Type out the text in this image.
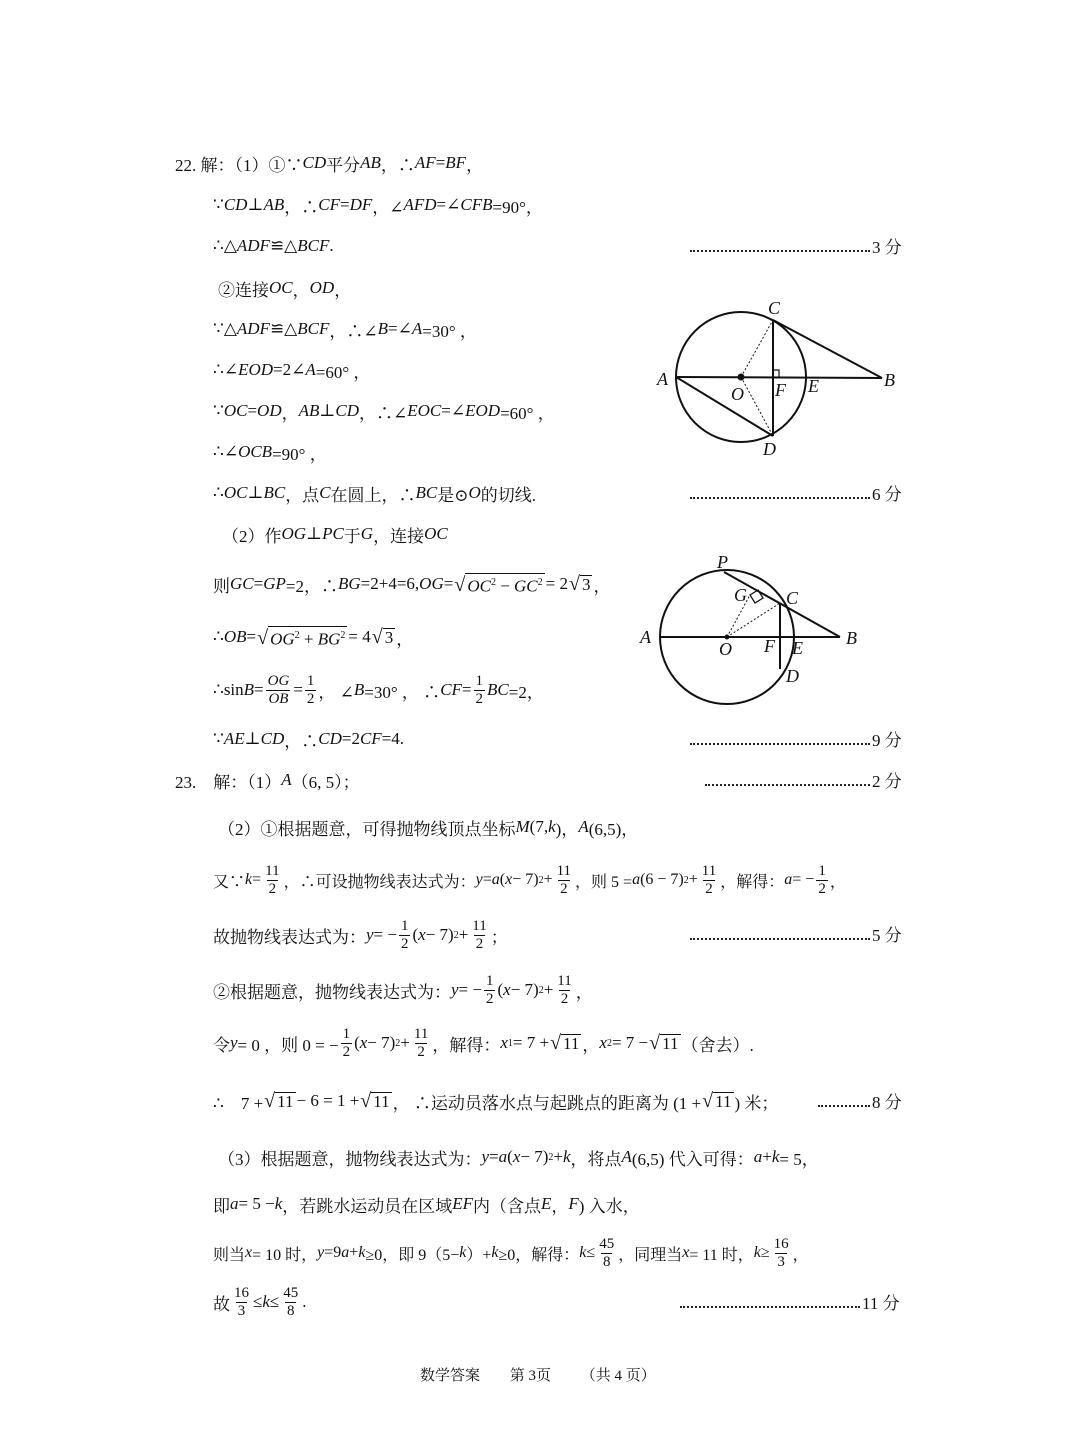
22. 解：（1）①∵ CD 平分 AB ，∴ AF = BF ，
∵ CD ⊥ AB ，∴ CF = DF ，∠ AFD =∠ CFB =90°，
∴△ ADF ≌△ BCF .
②连接 OC ， OD ，
∵△ ADF ≌△ BCF ，∴∠ B =∠ A =30° ，
∴∠ EOD =2∠ A =60° ，
∵ OC = OD ， AB ⊥ CD ，∴∠ EOC =∠ EOD =60° ，
∴∠ OCB =90° ，
∴ OC ⊥ BC ，点 C 在圆上，∴ BC 是⊙ O 的切线.
（2）作 OG ⊥ PC 于 G ，连接 OC
则 GC = GP =2，∴ BG =2+4=6, OG = √ $OC^2 - GC^2 = 2$ √ 3 ，
∴ OB = √ $OG^2 + BG^2 = 4$ √ 3 ，
∴sin $B = \frac{OG}{OB} = \frac{1}{2}$ ， ∠ B =30° ， ∴ CF = $\frac{1}{2}$ BC =2，
∵ AE ⊥ CD ，∴ CD =2 CF =4.
23.　解：（1） A （6, 5）；
（2）①根据题意，可得抛物线顶点坐标 M (7, k )， A (6,5)，
又∵ $k = \frac{11}{2}$ ，∴可设抛物线表达式为： y = a ( x − 7) $2 + \frac{11}{2}$ ，则 5 = a (6 − 7) $2 + \frac{11}{2}$ ，解得： a = − $\frac{1}{2}$ ，
故抛物线表达式为： y = − $\frac{1}{2}$ ( x − 7) $2 + \frac{11}{2}$ ；
②根据题意，抛物线表达式为： y = − $\frac{1}{2}$ ( x − 7) $2 + \frac{11}{2}$ ，
令 y = 0 ，则 0 = − $\frac{1}{2}$ ( x − 7) $2 + \frac{11}{2}$ ，解得： x 1 = 7 + √ 11 ， x 2 = 7 − √ 11 （舍去）.
∴　7 + √ 11 − 6 = 1 + √ 11 ， ∴运动员落水点与起跳点的距离为 (1 + √ 11 ) 米；
（3）根据题意，抛物线表达式为： y = a ( x − 7) 2 + k ，将点 A (6,5) 代入可得： a + k = 5，
即 a = 5 − k ，若跳水运动员在区域 EF 内（含点 E ， F ) 入水，
则当 x = 10 时， y =9 a + k ≥0，即 9（5− k ）+ k ≥0，解得： $k \le \frac{45}{8}$ ，同理当 x = 11 时， $k \ge \frac{16}{3}$ ，
故 $\frac{16}{3} \le k \le \frac{45}{8}$ .
3 分
6 分
9 分
2 分
5 分
8 分
11 分
A
O F E	B
C
D
P
G C
A
O F E B
D
数学答案 第 3页 （共 4 页）
